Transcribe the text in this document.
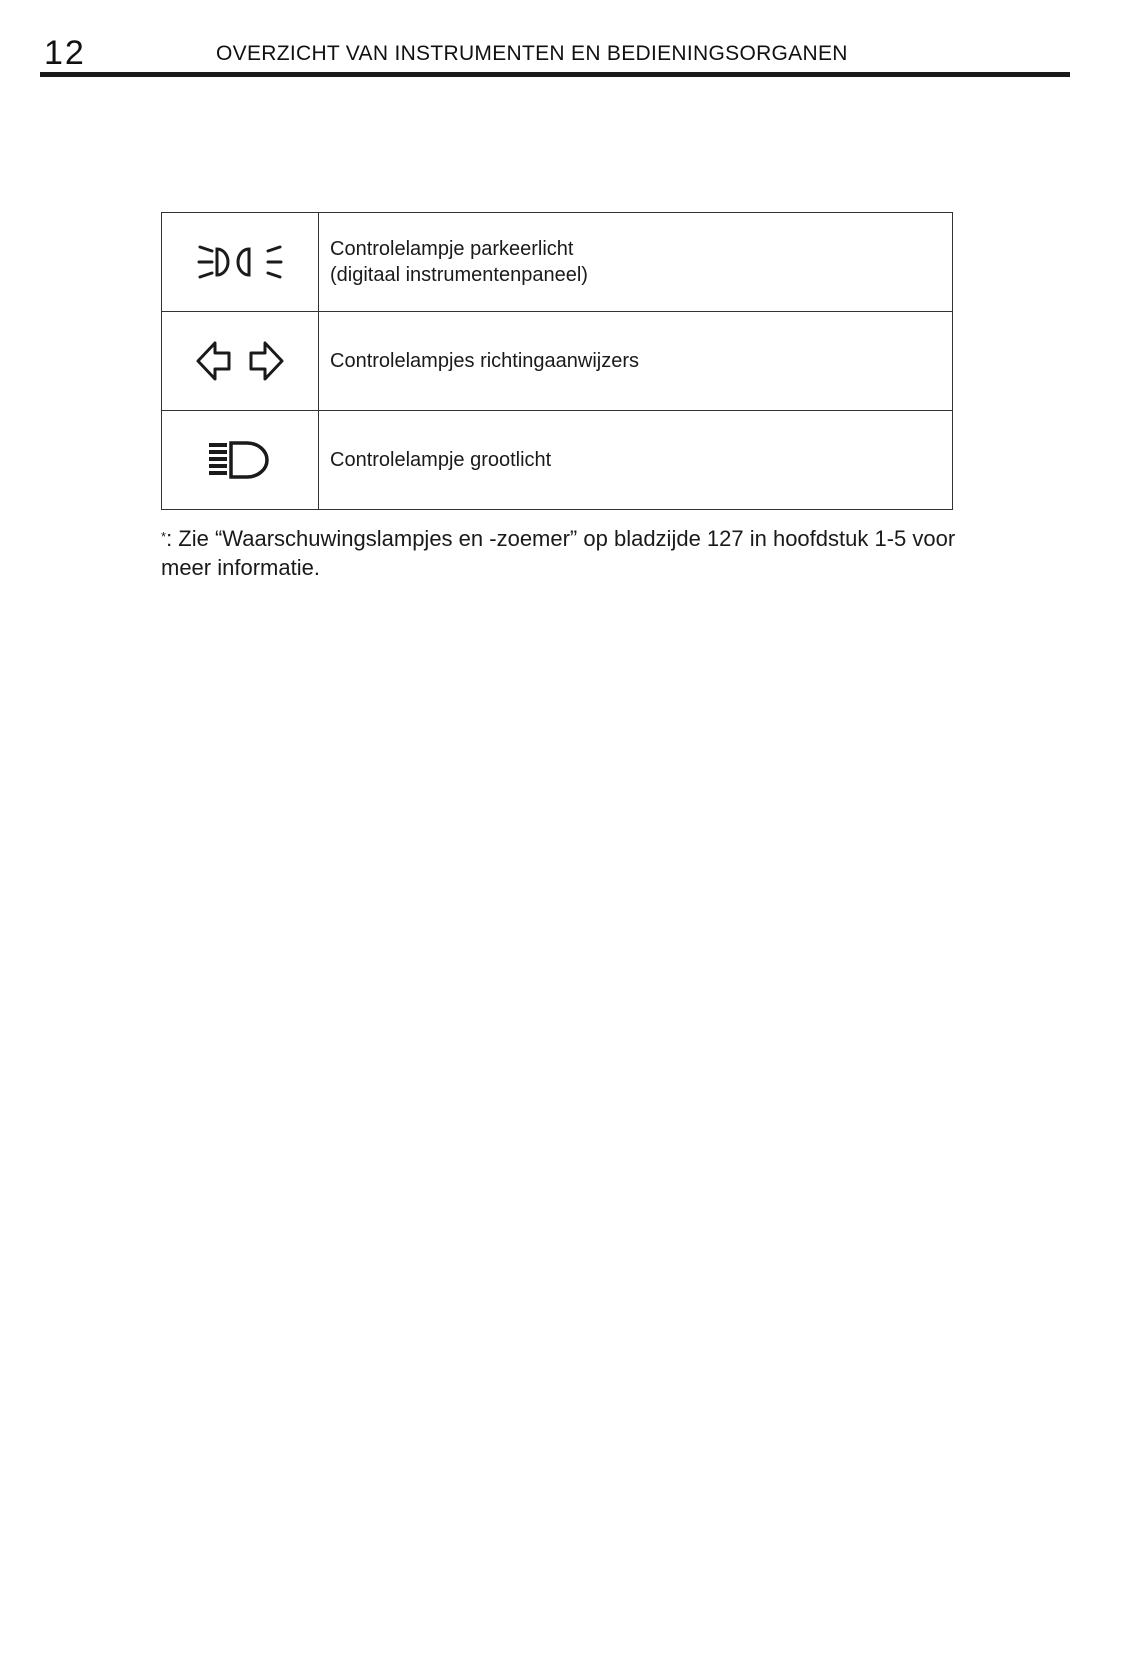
12	OVERZICHT VAN INSTRUMENTEN EN BEDIENINGSORGANEN

Controlelampje parkeerlicht
(digitaal instrumentenpaneel)

Controlelampjes richtingaanwijzers

Controlelampje grootlicht
*: Zie “Waarschuwingslampjes en -zoemer” op bladzijde 127 in hoofdstuk 1-5 voor meer informatie.
